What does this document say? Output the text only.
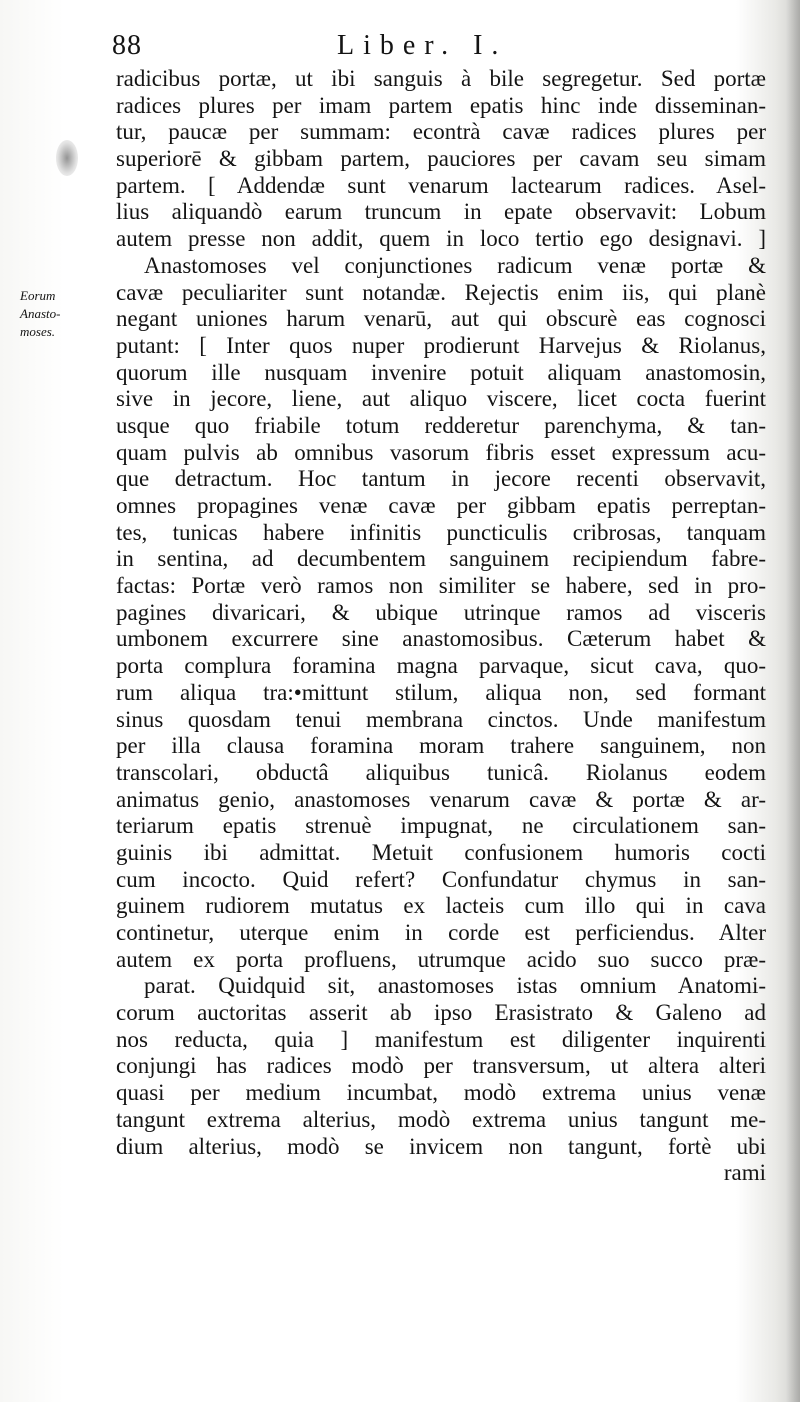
88	Liber. I.
Eorum
Anasto-
moses.
radicibus portæ, ut ibi sanguis à bile segregetur. Sed portæ
radices plures per imam partem epatis hinc inde disseminan-
tur, paucæ per summam: econtrà cavæ radices plures per
superiorē & gibbam partem, pauciores per cavam seu simam
partem. [ Addendæ sunt venarum lactearum radices. Asel-
lius aliquandò earum truncum in epate observavit: Lobum
autem presse non addit, quem in loco tertio ego designavi. ]
Anastomoses vel conjunctiones radicum venæ portæ &
cavæ peculiariter sunt notandæ. Rejectis enim iis, qui planè
negant uniones harum venarū, aut qui obscurè eas cognosci
putant: [ Inter quos nuper prodierunt Harvejus & Riolanus,
quorum ille nusquam invenire potuit aliquam anastomosin,
sive in jecore, liene, aut aliquo viscere, licet cocta fuerint
usque quo friabile totum redderetur parenchyma, & tan-
quam pulvis ab omnibus vasorum fibris esset expressum acu-
que detractum. Hoc tantum in jecore recenti observavit,
omnes propagines venæ cavæ per gibbam epatis perreptan-
tes, tunicas habere infinitis puncticulis cribrosas, tanquam
in sentina, ad decumbentem sanguinem recipiendum fabre-
factas: Portæ verò ramos non similiter se habere, sed in pro-
pagines divaricari, & ubique utrinque ramos ad visceris
umbonem excurrere sine anastomosibus. Cæterum habet &
porta complura foramina magna parvaque, sicut cava, quo-
rum aliqua tra:•mittunt stilum, aliqua non, sed formant
sinus quosdam tenui membrana cinctos. Unde manifestum
per illa clausa foramina moram trahere sanguinem, non
transcolari, obductâ aliquibus tunicâ. Riolanus eodem
animatus genio, anastomoses venarum cavæ & portæ & ar-
teriarum epatis strenuè impugnat, ne circulationem san-
guinis ibi admittat. Metuit confusionem humoris cocti
cum incocto. Quid refert? Confundatur chymus in san-
guinem rudiorem mutatus ex lacteis cum illo qui in cava
continetur, uterque enim in corde est perficiendus. Alter
autem ex porta profluens, utrumque acido suo succo præ-
parat. Quidquid sit, anastomoses istas omnium Anatomi-
corum auctoritas asserit ab ipso Erasistrato & Galeno ad
nos reducta, quia ] manifestum est diligenter inquirenti
conjungi has radices modò per transversum, ut altera alteri
quasi per medium incumbat, modò extrema unius venæ
tangunt extrema alterius, modò extrema unius tangunt me-
dium alterius, modò se invicem non tangunt, fortè ubi
rami
